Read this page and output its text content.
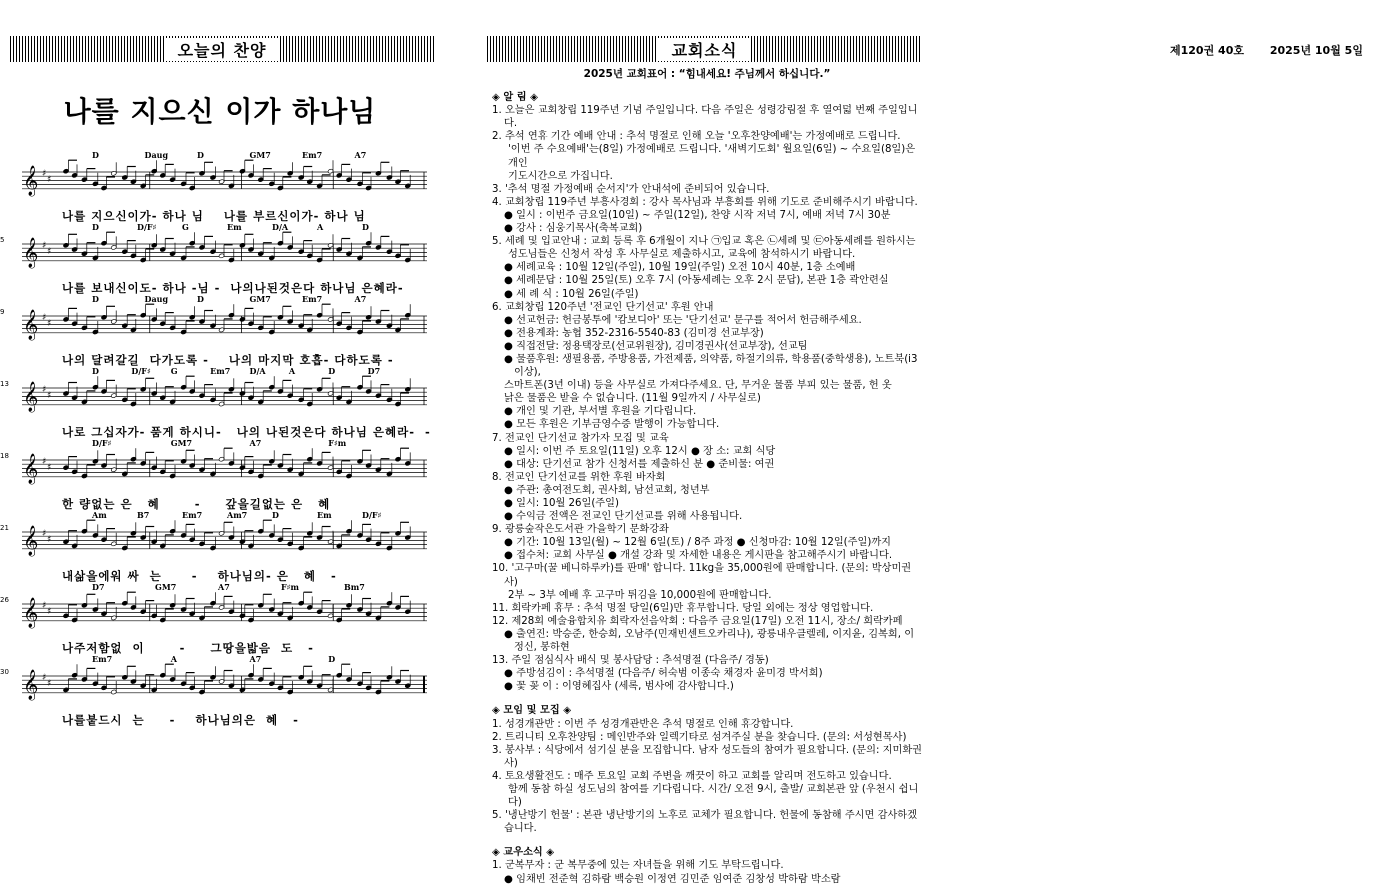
오늘의 찬양	교회소식	제120권 40호 2025년 10월 5일
나를 지으신 이가 하나님
D	Daug	D	GM7	Em7	A7
𝄞 ♯
♯
나를 지으신이가- 하나 님    나를 부르신이가- 하나 님
5
D	D/F♯	G	Em	D/A	A	D
𝄞 ♯
♯
나를 보내신이도- 하나 -님 -  나의나된것은다 하나님 은혜라-
9
D	Daug	D	GM7	Em7	A7
𝄞 ♯
♯
나의 달려갈길  다가도록 -    나의 마지막 호흡- 다하도록 -
13
D	D/F♯ G	Em7 D/A	A	D	D7
𝄞 ♯
♯
나로 그십자가- 품게 하시니-   나의 나된것은다 하나님 은혜라-  -
18
D/F♯	GM7	A7	F♯m
𝄞 ♯
♯
한 량없는 은   혜       -     갚을길없는 은   혜
21
Am	B7	Em7	Am7	D	Em	D/F♯
𝄞 ♯
♯
내삶을에워 싸  는      -    하나님의- 은   혜   -
26
D7	GM7	A7	F♯m	Bm7
𝄞 ♯
♯
나주저함없  이       -     그땅을밟음  도   -
30
Em7	A	A7	D
𝄞 ♯
♯
나를붙드시  는     -    하나님의은  혜   -
2025년 교회표어 : “힘내세요! 주님께서 하십니다.”
◈ 알 림 ◈
1. 오늘은 교회창립 119주년 기념 주일입니다. 다음 주일은 성령강림절 후 열여덟 번째 주일입니다.
2. 추석 연휴 기간 예배 안내 : 추석 명절로 인해 오늘 '오후찬양예배'는 가정예배로 드립니다.
'이번 주 수요예배'는(8일) 가정예배로 드립니다. '새벽기도회' 월요일(6일) ~ 수요일(8일)은 개인
기도시간으로 가집니다.
3. '추석 명절 가정예배 순서지'가 안내석에 준비되어 있습니다.
4. 교회창립 119주년 부흥사경회 : 강사 목사님과 부흥회를 위해 기도로 준비해주시기 바랍니다.
● 일시 : 이번주 금요일(10일) ~ 주일(12일), 찬양 시작 저녁 7시, 예배 저녁 7시 30분
● 강사 : 심웅기목사(축복교회)
5. 세례 및 입교안내 : 교회 등록 후 6개월이 지나 ㉠입교 혹은 ㉡세례 및 ㉢아동세례를 원하시는
성도님들은 신청서 작성 후 사무실로 제출하시고, 교육에 참석하시기 바랍니다.
● 세례교육 : 10월 12일(주일), 10월 19일(주일) 오전 10시 40분, 1층 소예배
● 세례문답 : 10월 25일(토) 오후 7시 (아동세례는 오후 2시 문답), 본관 1층 곽안련실
● 세 례 식 : 10월 26일(주일)
6. 교회창립 120주년 '전교인 단기선교' 후원 안내
● 선교헌금: 헌금봉투에 '캄보디아' 또는 '단기선교' 문구를 적어서 헌금해주세요.
● 전용계좌: 농협 352-2316-5540-83 (김미경 선교부장)
● 직접전달: 정용택장로(선교위원장), 김미경권사(선교부장), 선교팀
● 물품후원: 생필용품, 주방용품, 가전제품, 의약품, 하절기의류, 학용품(중학생용), 노트북(i3이상),
스마트폰(3년 이내) 등을 사무실로 가져다주세요. 단, 무거운 물품 부피 있는 물품, 헌 옷
낡은 물품은 받을 수 없습니다. (11월 9일까지 / 사무실로)
● 개인 및 기관, 부서별 후원을 기다립니다.
● 모든 후원은 기부금영수증 발행이 가능합니다.
7. 전교인 단기선교 참가자 모집 및 교육
● 일시: 이번 주 토요일(11일) 오후 12시 ● 장 소: 교회 식당
● 대상: 단기선교 참가 신청서를 제출하신 분 ● 준비물: 여권
8. 전교인 단기선교를 위한 후원 바자회
● 주관: 총여전도회, 권사회, 남선교회, 청년부
● 일시: 10월 26일(주일)
● 수익금 전액은 전교인 단기선교를 위해 사용됩니다.
9. 광릉숲작은도서관 가을학기 문화강좌
● 기간: 10월 13일(월) ~ 12월 6일(토) / 8주 과정 ● 신청마감: 10월 12일(주일)까지
● 접수처: 교회 사무실 ● 개설 강좌 및 자세한 내용은 게시판을 참고해주시기 바랍니다.
10. '고구마(꿀 베니하루카)를 판매' 합니다. 11kg을 35,000원에 판매합니다. (문의: 박상미권사)
2부 ~ 3부 예배 후 고구마 튀김을 10,000원에 판매합니다.
11. 희락카페 휴무 : 추석 명절 당일(6일)만 휴무합니다. 당일 외에는 정상 영업합니다.
12. 제28회 예술융합치유 희락자선음악회 : 다음주 금요일(17일) 오전 11시, 장소/ 희락카페
● 출연진: 박승준, 한승희, 오남주(민재빈센트오카리나), 광릉내우클렐레, 이지윤, 김복희, 이정신, 봉하현
13. 주일 점심식사 배식 및 봉사담당 : 추석명절 (다음주/ 경동)
● 주방섬김이 : 추석명절 (다음주/ 허숙범 이종숙 채경자 윤미경 박서희)
● 꽃 꽂 이 : 이영혜집사 (세록, 범사에 감사합니다.)
◈ 모임 및 모집 ◈
1. 성경개관반 : 이번 주 성경개관반은 추석 명절로 인해 휴강합니다.
2. 트리니티 오후찬양팀 : 메인반주와 일렉기타로 섬겨주실 분을 찾습니다. (문의: 서성현목사)
3. 봉사부 : 식당에서 섬기실 분을 모집합니다. 남자 성도들의 참여가 필요합니다. (문의: 지미화권사)
4. 토요생활전도 : 매주 토요일 교회 주변을 깨끗이 하고 교회를 알리며 전도하고 있습니다.
함께 동참 하실 성도님의 참여를 기다립니다. 시간/ 오전 9시, 출발/ 교회본관 앞 (우천시 쉽니다)
5. '냉난방기 헌물' : 본관 냉난방기의 노후로 교체가 필요합니다. 헌물에 동참해 주시면 감사하겠습니다.
◈ 교우소식 ◈
1. 군복무자 : 군 복무중에 있는 자녀들을 위해 기도 부탁드립니다.
● 임채빈 전준혁 김하람 백승원 이정연 김민준 임여준 김창성 박하람 박소람
